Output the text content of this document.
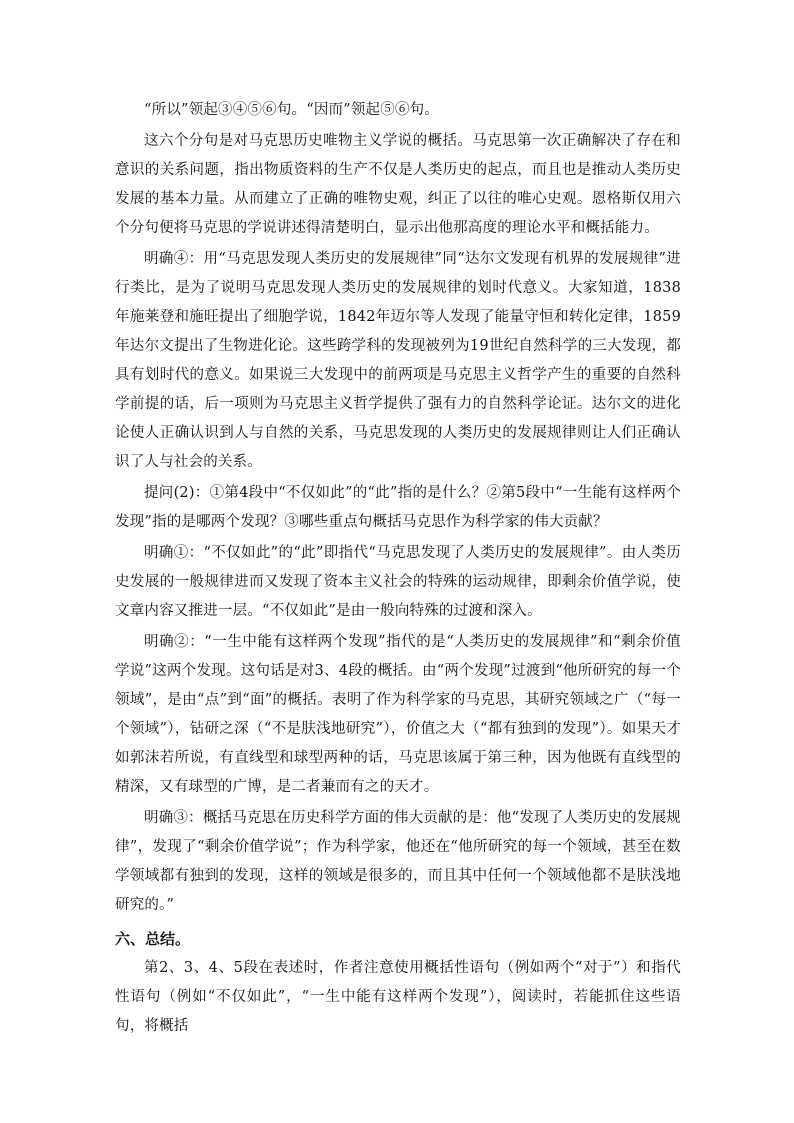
“所以”领起③④⑤⑥句。“因而”领起⑤⑥句。

这六个分句是对马克思历史唯物主义学说的概括。马克思第一次正确解决了存在和意识的关系问题，指出物质资料的生产不仅是人类历史的起点，而且也是推动人类历史发展的基本力量。从而建立了正确的唯物史观，纠正了以往的唯心史观。恩格斯仅用六个分句便将马克思的学说讲述得清楚明白，显示出他那高度的理论水平和概括能力。

明确④：用“马克思发现人类历史的发展规律”同“达尔文发现有机界的发展规律”进行类比，是为了说明马克思发现人类历史的发展规律的划时代意义。大家知道，1838年施莱登和施旺提出了细胞学说，1842年迈尔等人发现了能量守恒和转化定律，1859年达尔文提出了生物进化论。这些跨学科的发现被列为19世纪自然科学的三大发现，都具有划时代的意义。如果说三大发现中的前两项是马克思主义哲学产生的重要的自然科学前提的话，后一项则为马克思主义哲学提供了强有力的自然科学论证。达尔文的进化论使人正确认识到人与自然的关系，马克思发现的人类历史的发展规律则让人们正确认识了人与社会的关系。

提问(2)：①第4段中“不仅如此”的“此”指的是什么？②第5段中“一生能有这样两个发现”指的是哪两个发现？③哪些重点句概括马克思作为科学家的伟大贡献？

明确①：“不仅如此”的“此”即指代“马克思发现了人类历史的发展规律”。由人类历史发展的一般规律进而又发现了资本主义社会的特殊的运动规律，即剩余价值学说，使文章内容又推进一层。“不仅如此”是由一般向特殊的过渡和深入。

明确②：“一生中能有这样两个发现”指代的是“人类历史的发展规律”和“剩余价值学说”这两个发现。这句话是对3、4段的概括。由“两个发现”过渡到“他所研究的每一个领域”，是由“点”到“面”的概括。表明了作为科学家的马克思，其研究领域之广（“每一个领域”），钻研之深（“不是肤浅地研究”），价值之大（“都有独到的发现”）。如果天才如郭沫若所说，有直线型和球型两种的话，马克思该属于第三种，因为他既有直线型的精深，又有球型的广博，是二者兼而有之的天才。

明确③：概括马克思在历史科学方面的伟大贡献的是：他“发现了人类历史的发展规律”，发现了“剩余价值学说”；作为科学家，他还在“他所研究的每一个领域，甚至在数学领域都有独到的发现，这样的领域是很多的，而且其中任何一个领域他都不是肤浅地研究的。”

六、总结。

第2、3、4、5段在表述时，作者注意使用概括性语句（例如两个“对于”）和指代性语句（例如“不仅如此”，“一生中能有这样两个发现”），阅读时，若能抓住这些语句，将概括
